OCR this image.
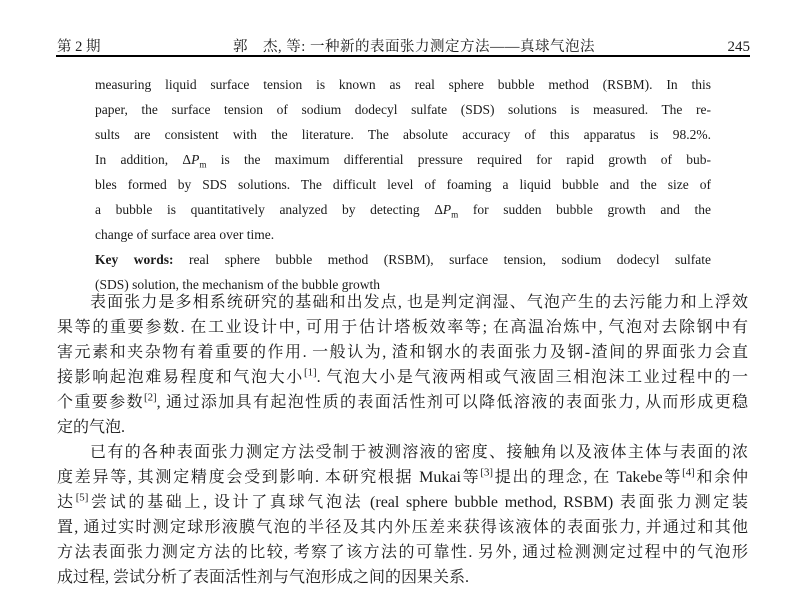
第 2 期	郭　杰, 等: 一种新的表面张力测定方法——真球气泡法	245
measuring liquid surface tension is known as real sphere bubble method (RSBM). In this
paper, the surface tension of sodium dodecyl sulfate (SDS) solutions is measured. The re-
sults are consistent with the literature. The absolute accuracy of this apparatus is 98.2%.
In addition, $\Delta P_m$ is the maximum differential pressure required for rapid growth of bub-
bles formed by SDS solutions. The difficult level of foaming a liquid bubble and the size of
a bubble is quantitatively analyzed by detecting $\Delta P_m$ for sudden bubble growth and the
change of surface area over time.
Key words: real sphere bubble method (RSBM), surface tension, sodium dodecyl sulfate
(SDS) solution, the mechanism of the bubble growth
表面张力是多相系统研究的基础和出发点, 也是判定润湿、气泡产生的去污能力和上浮效
果等的重要参数. 在工业设计中, 可用于估计塔板效率等; 在高温冶炼中, 气泡对去除钢中有
害元素和夹杂物有着重要的作用. 一般认为, 渣和钢水的表面张力及钢-渣间的界面张力会直
接影响起泡难易程度和气泡大小[1]. 气泡大小是气液两相或气液固三相泡沫工业过程中的一
个重要参数[2], 通过添加具有起泡性质的表面活性剂可以降低溶液的表面张力, 从而形成更稳
定的气泡.
已有的各种表面张力测定方法受制于被测溶液的密度、接触角以及液体主体与表面的浓
度差异等, 其测定精度会受到影响. 本研究根据 Mukai等[3]提出的理念, 在 Takebe等[4]和余仲
达[5]尝试的基础上, 设计了真球气泡法 (real sphere bubble method, RSBM) 表面张力测定装
置, 通过实时测定球形液膜气泡的半径及其内外压差来获得该液体的表面张力, 并通过和其他
方法表面张力测定方法的比较, 考察了该方法的可靠性. 另外, 通过检测测定过程中的气泡形
成过程, 尝试分析了表面活性剂与气泡形成之间的因果关系.
